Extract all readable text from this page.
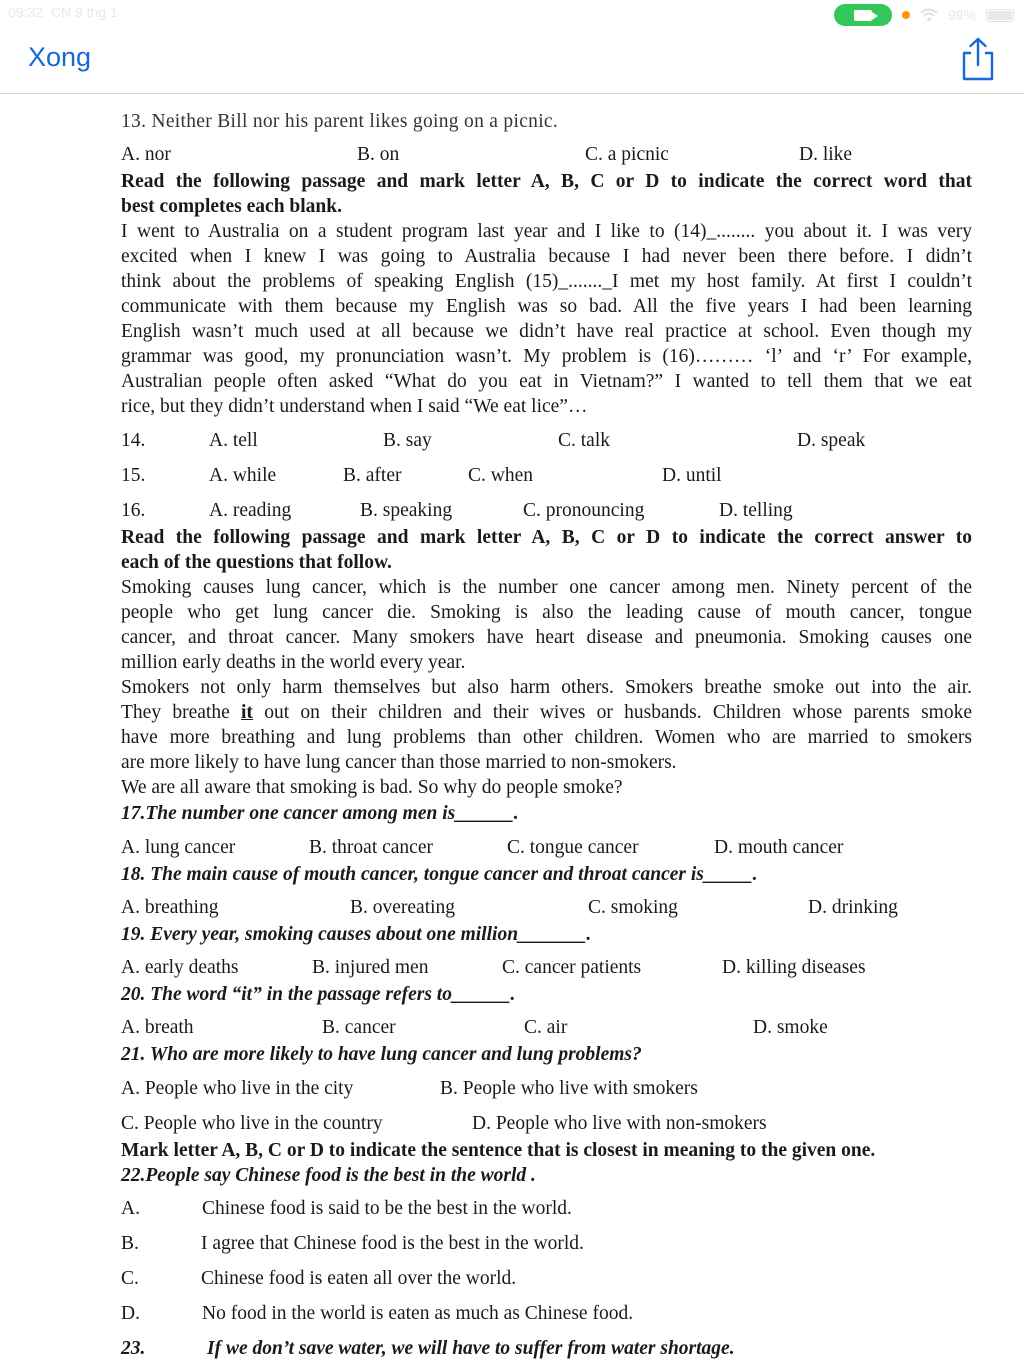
13. Neither Bill nor his parent likes going on a picnic.
A. nor	B. on	C. a picnic	D. like
Read the following passage and mark letter A, B, C or D to indicate the correct word that
best completes each blank.
I went to Australia on a student program last year and I like to (14)_........ you about it. I was very
excited when I knew I was going to Australia because I had never been there before. I didn’t
think about the problems of speaking English (15)_......._I met my host family. At first I couldn’t
communicate with them because my English was so bad. All the five years I had been learning
English wasn’t much used at all because we didn’t have real practice at school. Even though my
grammar was good, my pronunciation wasn’t. My problem is (16)……… ‘l’ and ‘r’ For example,
Australian people often asked “What do you eat in Vietnam?” I wanted to tell them that we eat
rice, but they didn’t understand when I said “We eat lice”…
14.	A. tell	B. say	C. talk	D. speak
15.	A. while	B. after	C. when	D. until
16.	A. reading	B. speaking	C. pronouncing	D. telling
Read the following passage and mark letter A, B, C or D to indicate the correct answer to
each of the questions that follow.
Smoking causes lung cancer, which is the number one cancer among men. Ninety percent of the
people who get lung cancer die. Smoking is also the leading cause of mouth cancer, tongue
cancer, and throat cancer. Many smokers have heart disease and pneumonia. Smoking causes one
million early deaths in the world every year.
Smokers not only harm themselves but also harm others. Smokers breathe smoke out into the air.
They breathe it out on their children and their wives or husbands. Children whose parents smoke
have more breathing and lung problems than other children. Women who are married to smokers
are more likely to have lung cancer than those married to non-smokers.
We are all aware that smoking is bad. So why do people smoke?
17.The number one cancer among men is______.
A. lung cancer	B. throat cancer	C. tongue cancer	D. mouth cancer
18. The main cause of mouth cancer, tongue cancer and throat cancer is_____.
A. breathing	B. overeating	C. smoking	D. drinking
19. Every year, smoking causes about one million_______.
A. early deaths	B. injured men	C. cancer patients	D. killing diseases
20. The word “it” in the passage refers to______.
A. breath	B. cancer	C. air	D. smoke
21. Who are more likely to have lung cancer and lung problems?
A. People who live in the city	B. People who live with smokers
C. People who live in the country	D. People who live with non-smokers
Mark letter A, B, C or D to indicate the sentence that is closest in meaning to the given one.
22.People say Chinese food is the best in the world .
A.	Chinese food is said to be the best in the world.
B.	I agree that Chinese food is the best in the world.
C.	Chinese food is eaten all over the world.
D.	No food in the world is eaten as much as Chinese food.
23.	If we don’t save water, we will have to suffer from water shortage.
09:32 CN 9 thg 1	99%
Xong
